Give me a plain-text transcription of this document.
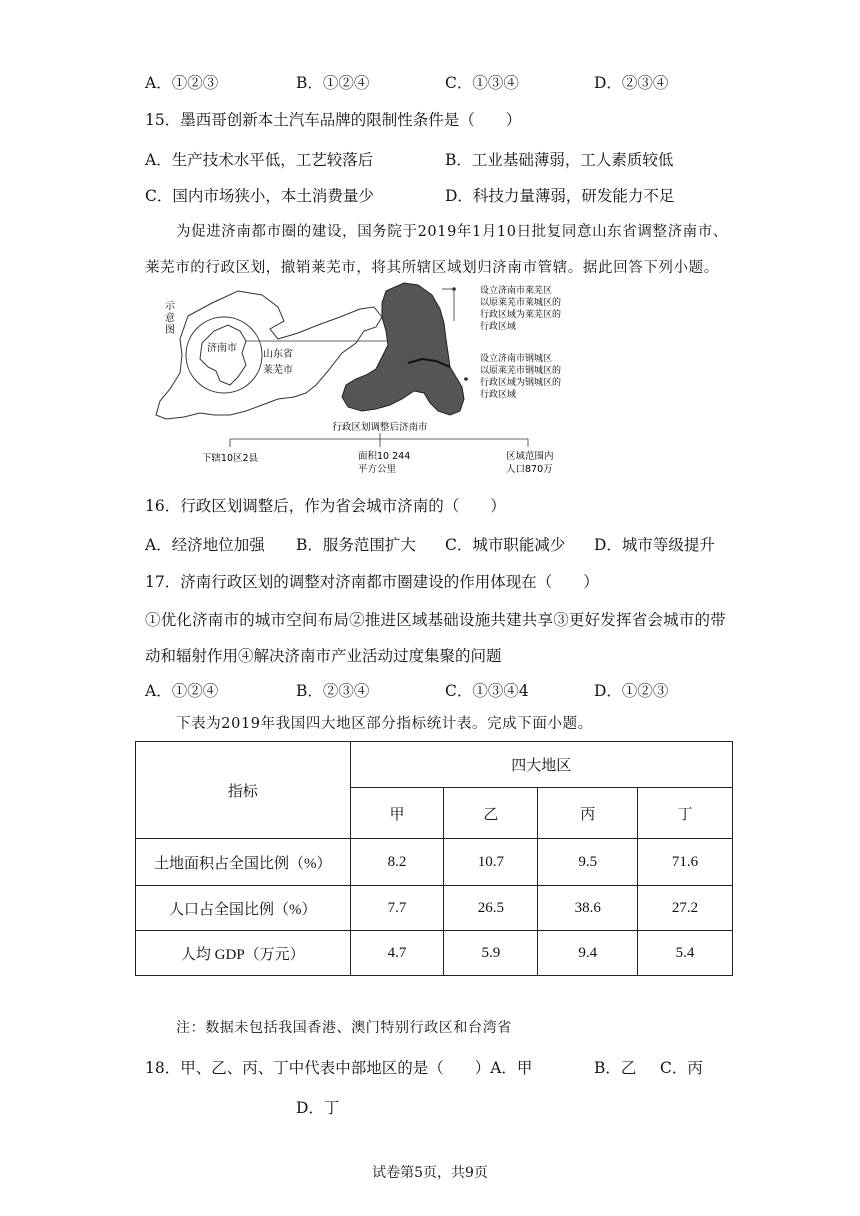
A．①②③	B．①②④	C．①③④	D．②③④
15．墨西哥创新本土汽车品牌的限制性条件是（　　）
A．生产技术水平低，工艺较落后	B．工业基础薄弱，工人素质较低
C．国内市场狭小，本土消费量少	D．科技力量薄弱，研发能力不足
为促进济南都市圈的建设，国务院于2019年1月10日批复同意山东省调整济南市、
莱芜市的行政区划，撤销莱芜市，将其所辖区域划归济南市管辖。据此回答下列小题。
示
意
图
济南市
山东省
莱芜市
设立济南市莱芜区
以原莱芜市莱城区的
行政区域为莱芜区的
行政区域
设立济南市钢城区
以原莱芜市钢城区的
行政区域为钢城区的
行政区域
行政区划调整后济南市
下辖10区2县	面积10 244
平方公里
区域范围内
人口870万
16．行政区划调整后，作为省会城市济南的（　　）
A．经济地位加强 B．服务范围扩大 C．城市职能减少 D．城市等级提升
17．济南行政区划的调整对济南都市圈建设的作用体现在（　　）
①优化济南市的城市空间布局②推进区域基础设施共建共享③更好发挥省会城市的带
动和辐射作用④解决济南市产业活动过度集聚的问题
A．①②④	B．②③④	C．①③④4	D．①②③
下表为2019年我国四大地区部分指标统计表。完成下面小题。
指标	四大地区			
	甲	乙	丙	丁
土地面积占全国比例（%）	8.2	10.7	9.5	71.6
人口占全国比例（%）	7.7	26.5	38.6	27.2
人均 GDP（万元）	4.7	5.9	9.4	5.4
注：数据未包括我国香港、澳门特别行政区和台湾省
18．甲、乙、丙、丁中代表中部地区的是（　　）A．甲	B．乙 C．丙
D．丁
试卷第5页，共9页
